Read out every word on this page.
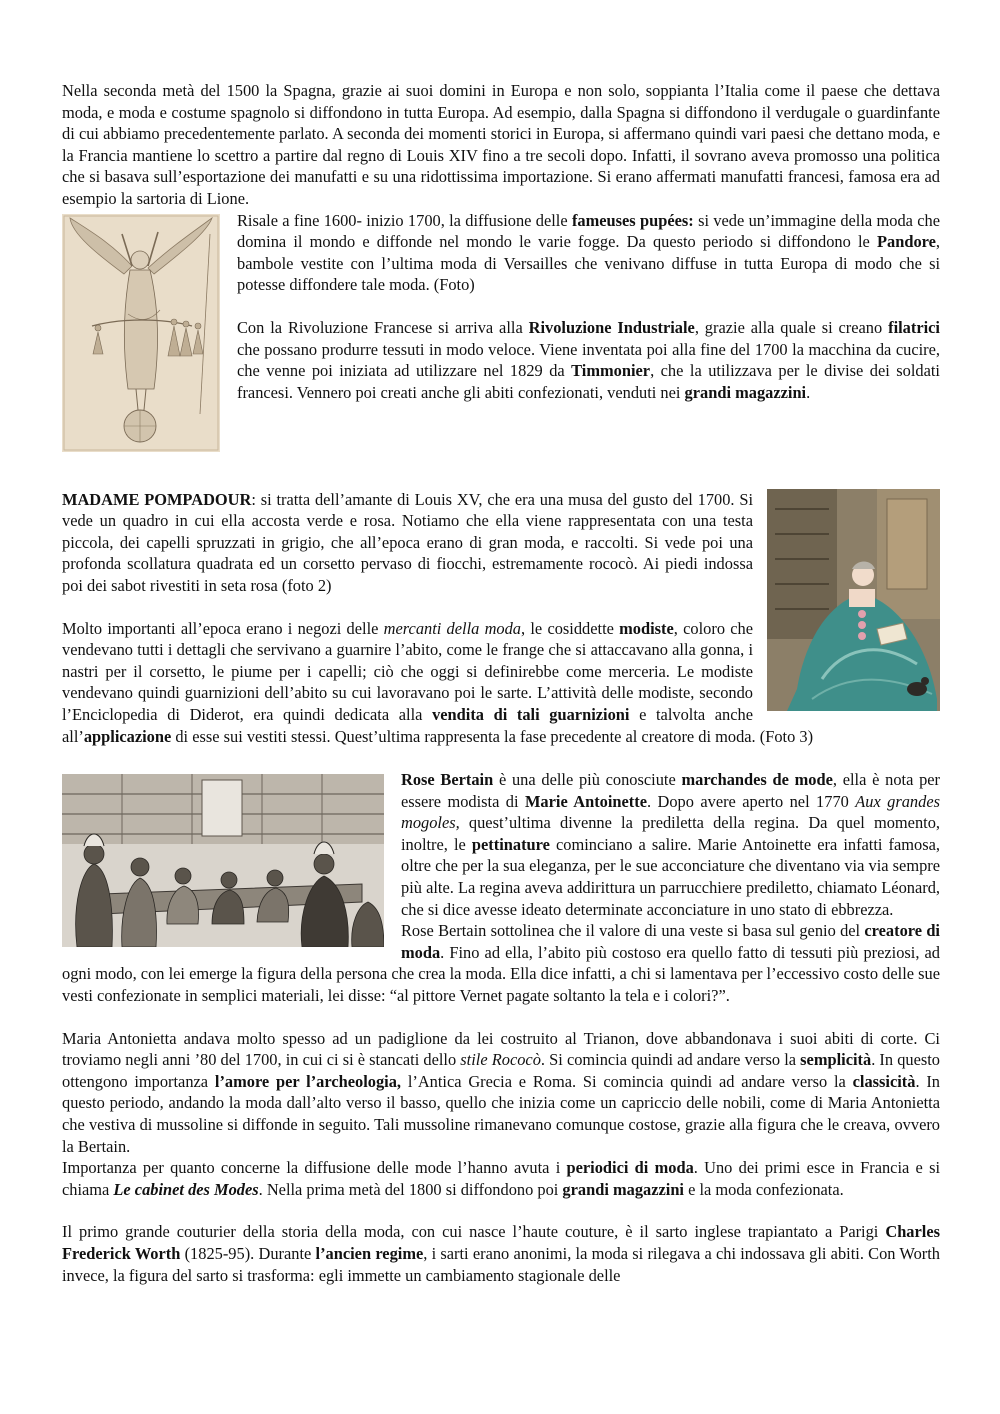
Nella seconda metà del 1500 la Spagna, grazie ai suoi domini in Europa e non solo, soppianta l’Italia come il paese che dettava moda, e moda e costume spagnolo si diffondono in tutta Europa. Ad esempio, dalla Spagna si diffondono il verdugale o guardinfante di cui abbiamo precedentemente parlato. A seconda dei momenti storici in Europa, si affermano quindi vari paesi che dettano moda, e la Francia mantiene lo scettro a partire dal regno di Louis XIV fino a tre secoli dopo. Infatti, il sovrano aveva promosso una politica che si basava sull’esportazione dei manufatti e su una ridottissima importazione. Si erano affermati manufatti francesi, famosa era ad esempio la sartoria di Lione.

Risale a fine 1600- inizio 1700, la diffusione delle fameuses pupées: si vede un’immagine della moda che domina il mondo e diffonde nel mondo le varie fogge. Da questo periodo si diffondono le Pandore, bambole vestite con l’ultima moda di Versailles che venivano diffuse in tutta Europa di modo che si potesse diffondere tale moda. (Foto)

Con la Rivoluzione Francese si arriva alla Rivoluzione Industriale, grazie alla quale si creano filatrici che possano produrre tessuti in modo veloce. Viene inventata poi alla fine del 1700 la macchina da cucire, che venne poi iniziata ad utilizzare nel 1829 da Timmonier, che la utilizzava per le divise dei soldati francesi. Vennero poi creati anche gli abiti confezionati, venduti nei grandi magazzini.

MADAME POMPADOUR: si tratta dell’amante di Louis XV, che era una musa del gusto del 1700. Si vede un quadro in cui ella accosta verde e rosa. Notiamo che ella viene rappresentata con una testa piccola, dei capelli spruzzati in grigio, che all’epoca erano di gran moda, e raccolti. Si vede poi una profonda scollatura quadrata ed un corsetto pervaso di fiocchi, estremamente rococò. Ai piedi indossa poi dei sabot rivestiti in seta rosa (foto 2)

Molto importanti all’epoca erano i negozi delle mercanti della moda, le cosiddette modiste, coloro che vendevano tutti i dettagli che servivano a guarnire l’abito, come le frange che si attaccavano alla gonna, i nastri per il corsetto, le piume per i capelli; ciò che oggi si definirebbe come merceria. Le modiste vendevano quindi guarnizioni dell’abito su cui lavoravano poi le sarte. L’attività delle modiste, secondo l’Enciclopedia di Diderot, era quindi dedicata alla vendita di tali guarnizioni e talvolta anche all’applicazione di esse sui vestiti stessi. Quest’ultima rappresenta la fase precedente al creatore di moda. (Foto 3)

Rose Bertain è una delle più conosciute marchandes de mode, ella è nota per essere modista di Marie Antoinette. Dopo avere aperto nel 1770 Aux grandes mogoles, quest’ultima divenne la prediletta della regina. Da quel momento, inoltre, le pettinature cominciano a salire. Marie Antoinette era infatti famosa, oltre che per la sua eleganza, per le sue acconciature che diventano via via sempre più alte. La regina aveva addirittura un parrucchiere prediletto, chiamato Léonard, che si dice avesse ideato determinate acconciature in uno stato di ebbrezza.

Rose Bertain sottolinea che il valore di una veste si basa sul genio del creatore di moda. Fino ad ella, l’abito più costoso era quello fatto di tessuti più preziosi, ad ogni modo, con lei emerge la figura della persona che crea la moda. Ella dice infatti, a chi si lamentava per l’eccessivo costo delle sue vesti confezionate in semplici materiali, lei disse: “al pittore Vernet pagate soltanto la tela e i colori?”.

Maria Antonietta andava molto spesso ad un padiglione da lei costruito al Trianon, dove abbandonava i suoi abiti di corte. Ci troviamo negli anni ’80 del 1700, in cui ci si è stancati dello stile Rococò. Si comincia quindi ad andare verso la semplicità. In questo ottengono importanza l’amore per l’archeologia, l’Antica Grecia e Roma. Si comincia quindi ad andare verso la classicità. In questo periodo, andando la moda dall’alto verso il basso, quello che inizia come un capriccio delle nobili, come di Maria Antonietta che vestiva di mussoline si diffonde in seguito. Tali mussoline rimanevano comunque costose, grazie alla figura che le creava, ovvero la Bertain.

Importanza per quanto concerne la diffusione delle mode l’hanno avuta i periodici di moda. Uno dei primi esce in Francia e si chiama Le cabinet des Modes. Nella prima metà del 1800 si diffondono poi grandi magazzini e la moda confezionata.

Il primo grande couturier della storia della moda, con cui nasce l’haute couture, è il sarto inglese trapiantato a Parigi Charles Frederick Worth (1825-95). Durante l’ancien regime, i sarti erano anonimi, la moda si rilegava a chi indossava gli abiti. Con Worth invece, la figura del sarto si trasforma: egli immette un cambiamento stagionale delle
